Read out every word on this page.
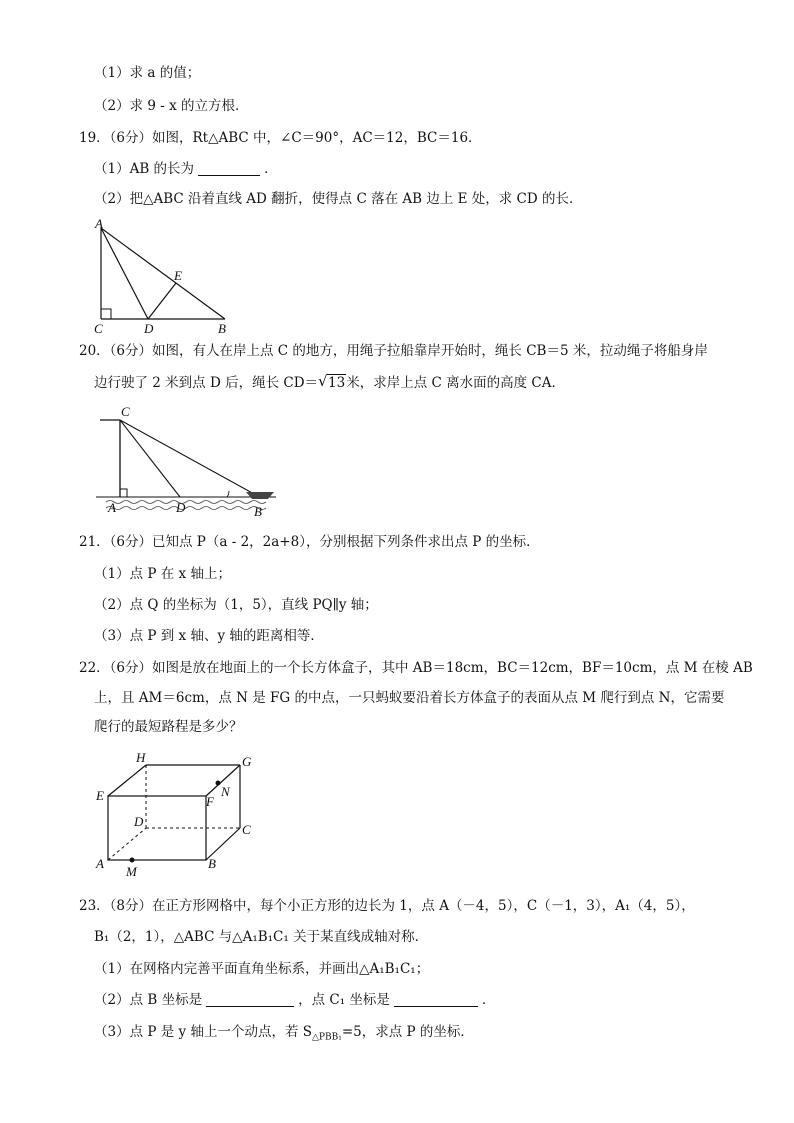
（1）求 a 的值；
（2）求 9 - x 的立方根．
19．（6分）如图，Rt△ABC 中，∠C＝90°，AC＝12，BC＝16．
（1）AB 的长为	．
（2）把△ABC 沿着直线 AD 翻折，使得点 C 落在 AB 边上 E 处，求 CD 的长．
A
E
C	D	B
20．（6分）如图，有人在岸上点 C 的地方，用绳子拉船靠岸开始时，绳长 CB＝5 米，拉动绳子将船身岸
边行驶了 2 米到点 D 后，绳长 CD＝ √ 13米，求岸上点 C 离水面的高度 CA．
C
A	D	B
21．（6分）已知点 P（a - 2，2a+8），分别根据下列条件求出点 P 的坐标．
（1）点 P 在 x 轴上；
（2）点 Q 的坐标为（1，5），直线 PQ∥y 轴；
（3）点 P 到 x 轴、y 轴的距离相等．
22．（6分）如图是放在地面上的一个长方体盒子，其中 AB＝18cm，BC＝12cm，BF＝10cm，点 M 在棱 AB
上，且 AM＝6cm，点 N 是 FG 的中点，一只蚂蚁要沿着长方体盒子的表面从点 M 爬行到点 N，它需要
爬行的最短路程是多少？
H	G
E	F
N
D
C
A	B
M
23．（8分）在正方形网格中，每个小正方形的边长为 1，点 A（－4，5），C（－1，3），A₁（4，5），
B₁（2，1），△ABC 与△A₁B₁C₁ 关于某直线成轴对称．
（1）在网格内完善平面直角坐标系，并画出△A₁B₁C₁；
（2）点 B 坐标是	，点 C₁ 坐标是	．
（3）点 P 是 y 轴上一个动点，若 $S_{\triangle PBB_1}=5$，求点 P 的坐标．
